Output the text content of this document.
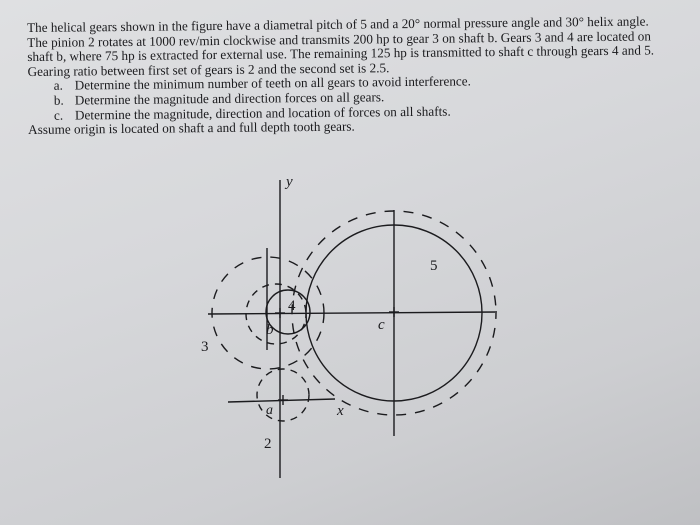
The helical gears shown in the figure have a diametral pitch of 5 and a 20° normal pressure angle and 30° helix angle. The pinion 2 rotates at 1000 rev/min clockwise and transmits 200 hp to gear 3 on shaft b. Gears 3 and 4 are located on shaft b, where 75 hp is extracted for external use. The remaining 125 hp is transmitted to shaft c through gears 4 and 5. Gearing ratio between first set of gears is 2 and the second set is 2.5.

a. Determine the minimum number of teeth on all gears to avoid interference.
b. Determine the magnitude and direction forces on all gears.
c. Determine the magnitude, direction and location of forces on all shafts.

Assume origin is located on shaft a and full depth tooth gears.

y
x
b	c
a
4
5
3
2
